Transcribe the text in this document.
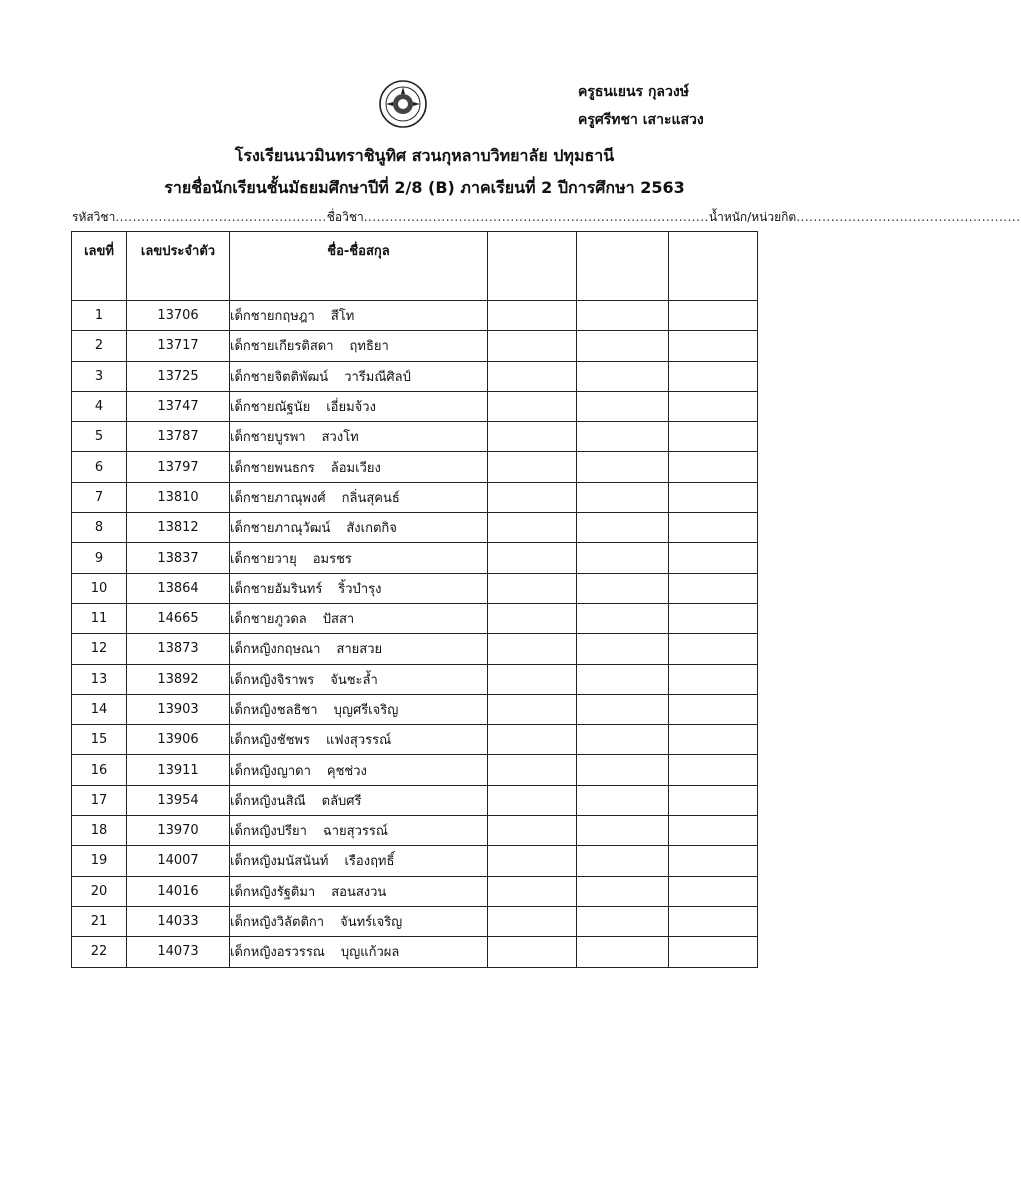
ครูธนเยนร กุลวงษ์
ครูศรีทชา เสาะแสวง
โรงเรียนนวมินทราชินูทิศ สวนกุหลาบวิทยาลัย ปทุมธานี
รายชื่อนักเรียนชั้นมัธยมศึกษาปีที่ 2/8 (B) ภาคเรียนที่ 2 ปีการศึกษา 2563
รหัสวิชา.................................................ชื่อวิชา................................................................................น้ำหนัก/หน่วยกิต....................................................
เลขที่	เลขประจำตัว	ชื่อ-ชื่อสกุล			
1	13706	เด็กชายกฤษฎา สีโท			
2	13717	เด็กชายเกียรติสดา ฤทธิยา			
3	13725	เด็กชายจิตติพัฒน์ วารีมณีศิลป์			
4	13747	เด็กชายณัฐนัย เอี่ยมจ้วง			
5	13787	เด็กชายบูรพา สวงโท			
6	13797	เด็กชายพนธกร ล้อมเวียง			
7	13810	เด็กชายภาณุพงศ์ กลิ่นสุคนธ์			
8	13812	เด็กชายภาณุวัฒน์ สังเกตกิจ			
9	13837	เด็กชายวายุ อมรชร			
10	13864	เด็กชายอัมรินทร์ ริ้วบำรุง			
11	14665	เด็กชายภูวดล ปัสสา			
12	13873	เด็กหญิงกฤษณา สายสวย			
13	13892	เด็กหญิงจิราพร จันชะล้ำ			
14	13903	เด็กหญิงชลธิชา บุญศรีเจริญ			
15	13906	เด็กหญิงชัชพร แฟงสุวรรณ์			
16	13911	เด็กหญิงญาดา คุชช่วง			
17	13954	เด็กหญิงนสิณี ตลับศรี			
18	13970	เด็กหญิงปรียา ฉายสุวรรณ์			
19	14007	เด็กหญิงมนัสนันท์ เรืองฤทธิ์			
20	14016	เด็กหญิงรัฐติมา สอนสงวน			
21	14033	เด็กหญิงวิลัตติกา จันทร์เจริญ			
22	14073	เด็กหญิงอรวรรณ บุญแก้วผล			
